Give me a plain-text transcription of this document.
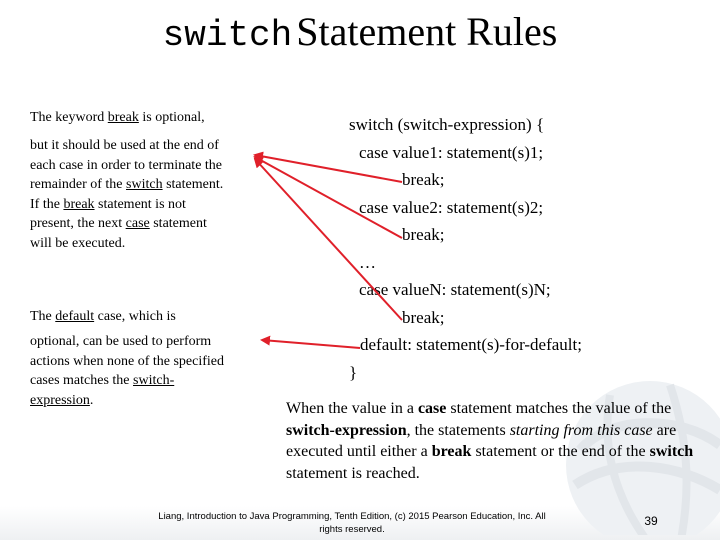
switch Statement Rules
The keyword break is optional,
but it should be used at the end of
each case in order to terminate the
remainder of the switch statement.
If the break statement is not
present, the next case statement
will be executed.
The default case, which is
optional, can be used to perform
actions when none of the specified
cases matches the switch-
expression.
switch (switch-expression) {
case value1: statement(s)1;
break;
case value2: statement(s)2;
break;
…
case valueN: statement(s)N;
break;
default: statement(s)-for-default;
}
When the value in a case statement matches the value of the switch-expression, the statements starting from this case are executed until either a break statement or the end of the switch statement is reached.
Liang, Introduction to Java Programming, Tenth Edition, (c) 2015 Pearson Education, Inc. All
rights reserved.
39
